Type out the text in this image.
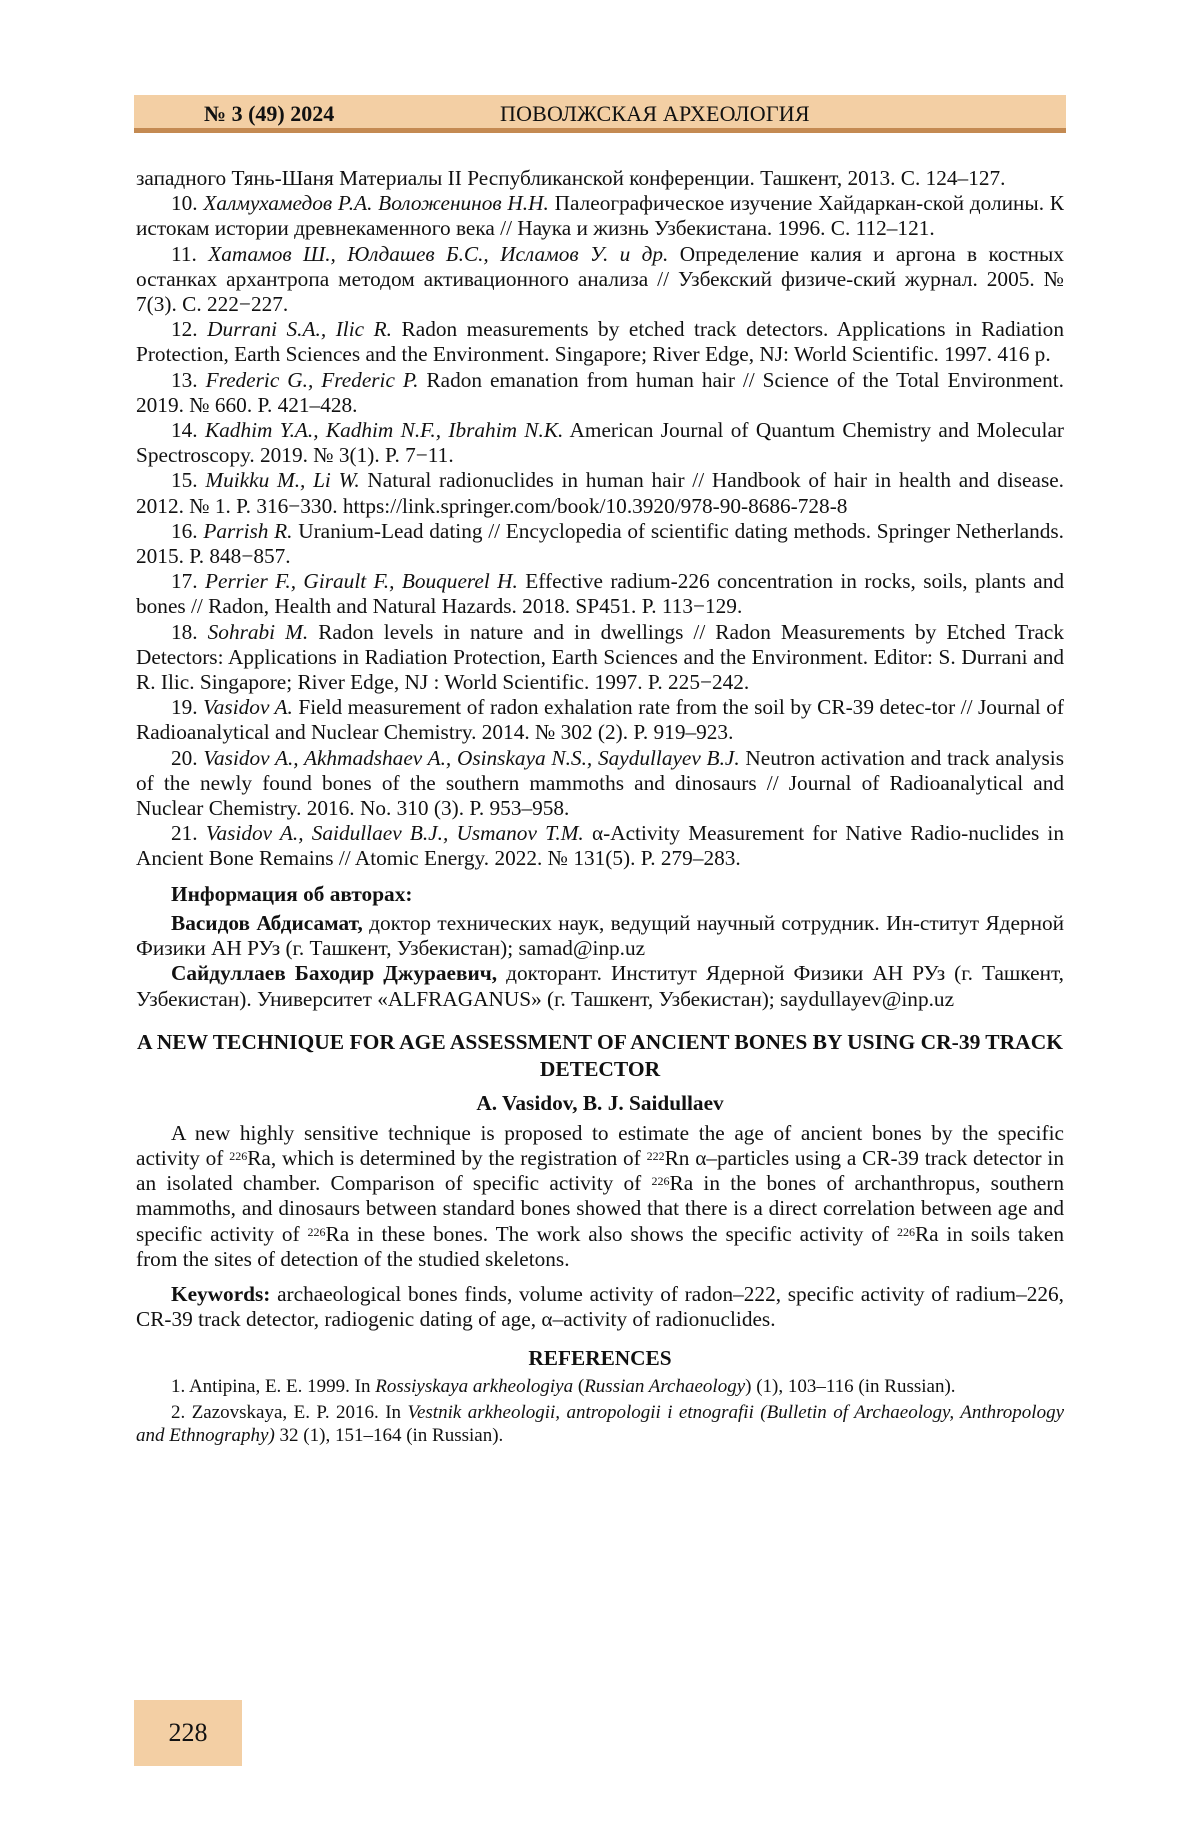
№ 3 (49) 2024	ПОВОЛЖСКАЯ АРХЕОЛОГИЯ

западного Тянь-Шаня Материалы II Республиканской конференции. Ташкент, 2013. С. 124–127.

10. Халмухамедов Р.А. Воложенинов Н.Н. Палеографическое изучение Хайдаркан-ской долины. К истокам истории древнекаменного века // Наука и жизнь Узбекистана. 1996. С. 112–121.

11. Хатамов Ш., Юлдашев Б.С., Исламов У. и др. Определение калия и аргона в костных останках архантропа методом активационного анализа // Узбекский физиче-ский журнал. 2005. № 7(3). С. 222−227.

12. Durrani S.A., Ilic R. Radon measurements by etched track detectors. Applications in Radiation Protection, Earth Sciences and the Environment. Singapore; River Edge, NJ: World Scientific. 1997. 416 p.

13. Frederic G., Frederic P. Radon emanation from human hair // Science of the Total Environment. 2019. № 660. P. 421–428.

14. Kadhim Y.A., Kadhim N.F., Ibrahim N.K. American Journal of Quantum Chemistry and Molecular Spectroscopy. 2019. № 3(1). P. 7−11.

15. Muikku M., Li W. Natural radionuclides in human hair // Handbook of hair in health and disease. 2012. № 1. P. 316−330. https://link.springer.com/book/10.3920/978-90-8686-728-8

16. Parrish R. Uranium-Lead dating // Encyclopedia of scientific dating methods. Springer Netherlands. 2015. P. 848−857.

17. Perrier F., Girault F., Bouquerel H. Effective radium-226 concentration in rocks, soils, plants and bones // Radon, Health and Natural Hazards. 2018. SP451. P. 113−129.

18. Sohrabi M. Radon levels in nature and in dwellings // Radon Measurements by Etched Track Detectors: Applications in Radiation Protection, Earth Sciences and the Environment. Editor: S. Durrani and R. Ilic. Singapore; River Edge, NJ : World Scientific. 1997. P. 225−242.

19. Vasidov A. Field measurement of radon exhalation rate from the soil by CR-39 detec-tor // Journal of Radioanalytical and Nuclear Chemistry. 2014. № 302 (2). P. 919–923.

20. Vasidov A., Akhmadshaev A., Osinskaya N.S., Saydullayev B.J. Neutron activation and track analysis of the newly found bones of the southern mammoths and dinosaurs // Journal of Radioanalytical and Nuclear Chemistry. 2016. No. 310 (3). P. 953–958.

21. Vasidov A., Saidullaev B.J., Usmanov T.M. α-Activity Measurement for Native Radio-nuclides in Ancient Bone Remains // Atomic Energy. 2022. № 131(5). P. 279–283.

Информация об авторах:

Васидов Абдисамат, доктор технических наук, ведущий научный сотрудник. Ин-ститут Ядерной Физики АН РУз (г. Ташкент, Узбекистан); samad@inp.uz

Сайдуллаев Баходир Джураевич, докторант. Институт Ядерной Физики АН РУз (г. Ташкент, Узбекистан). Университет «ALFRAGANUS» (г. Ташкент, Узбекистан); saydullayev@inp.uz

A NEW TECHNIQUE FOR AGE ASSESSMENT OF ANCIENT BONES BY USING CR-39 TRACK DETECTOR

A. Vasidov, B. J. Saidullaev

A new highly sensitive technique is proposed to estimate the age of ancient bones by the specific activity of 226Ra, which is determined by the registration of 222Rn α–particles using a CR-39 track detector in an isolated chamber. Comparison of specific activity of 226Ra in the bones of archanthropus, southern mammoths, and dinosaurs between standard bones showed that there is a direct correlation between age and specific activity of 226Ra in these bones. The work also shows the specific activity of 226Ra in soils taken from the sites of detection of the studied skeletons.

Keywords: archaeological bones finds, volume activity of radon–222, specific activity of radium–226, CR-39 track detector, radiogenic dating of age, α–activity of radionuclides.

REFERENCES

1. Antipina, E. E. 1999. In Rossiyskaya arkheologiya (Russian Archaeology) (1), 103–116 (in Russian).

2. Zazovskaya, E. P. 2016. In Vestnik arkheologii, antropologii i etnografii (Bulletin of Archaeology, Anthropology and Ethnography) 32 (1), 151–164 (in Russian).

228
